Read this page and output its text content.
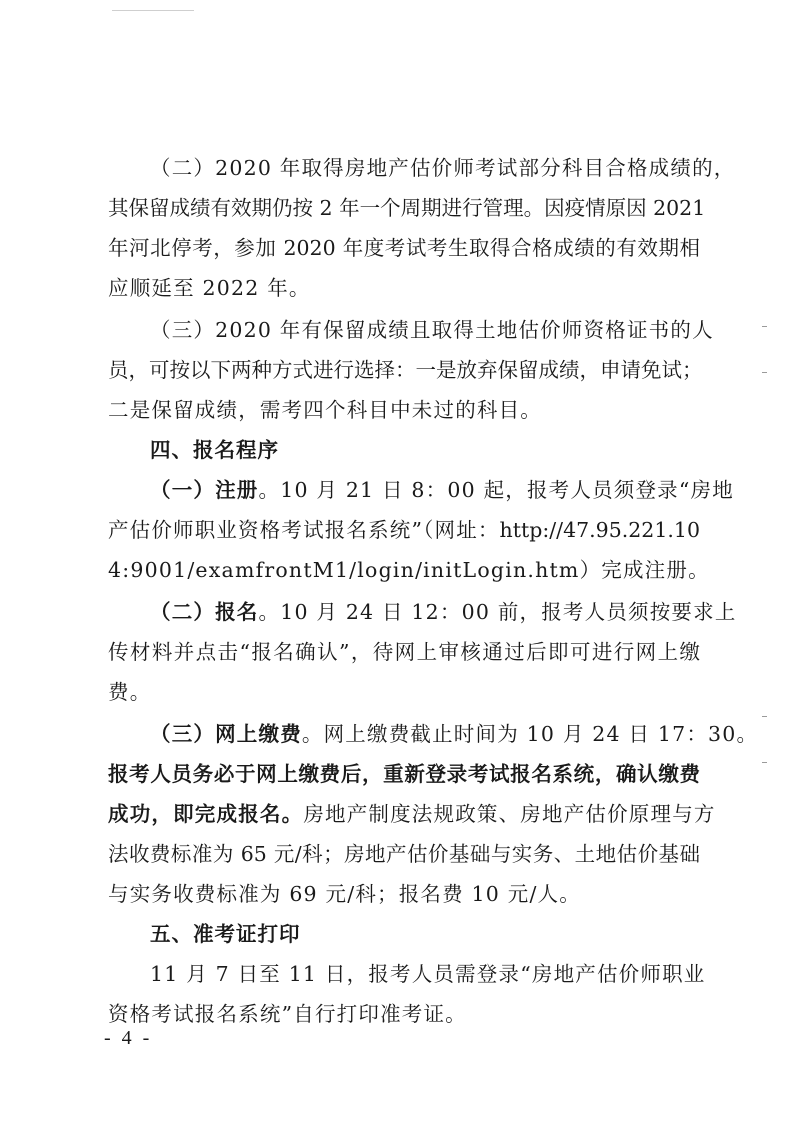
（二）2020 年取得房地产估价师考试部分科目合格成绩的，
其保留成绩有效期仍按 2 年一个周期进行管理。因疫情原因 2021
年河北停考，参加 2020 年度考试考生取得合格成绩的有效期相
应顺延至 2022 年。
（三）2020 年有保留成绩且取得土地估价师资格证书的人
员，可按以下两种方式进行选择：一是放弃保留成绩，申请免试；
二是保留成绩，需考四个科目中未过的科目。
四、报名程序
（一）注册。10 月 21 日 8：00 起，报考人员须登录“房地
产估价师职业资格考试报名系统”（网址：http://47.95.221.10
4:9001/examfrontM1/login/initLogin.htm）完成注册。
（二）报名。10 月 24 日 12：00 前，报考人员须按要求上
传材料并点击“报名确认”，待网上审核通过后即可进行网上缴
费。
（三）网上缴费。网上缴费截止时间为 10 月 24 日 17：30。
报考人员务必于网上缴费后，重新登录考试报名系统，确认缴费
成功，即完成报名。房地产制度法规政策、房地产估价原理与方
法收费标准为 65 元/科；房地产估价基础与实务、土地估价基础
与实务收费标准为 69 元/科；报名费 10 元/人。
五、准考证打印
11 月 7 日至 11 日，报考人员需登录“房地产估价师职业
资格考试报名系统”自行打印准考证。
- 4 -
